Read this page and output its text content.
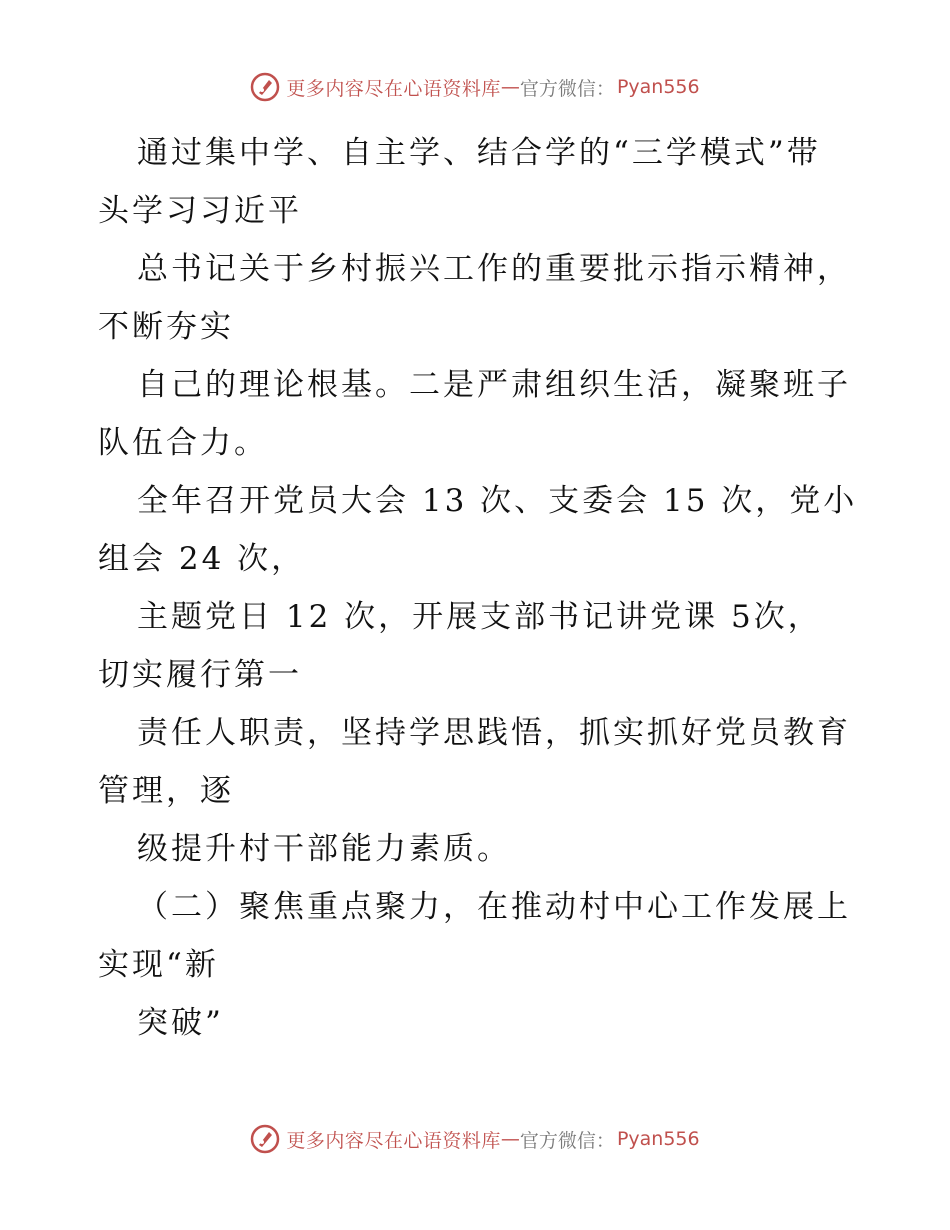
更多内容尽在心语资料库 — 官方微信： Pyan556
通过集中学、自主学、结合学的“三学模式”带
头学习习近平
总书记关于乡村振兴工作的重要批示指示精神，
不断夯实
自己的理论根基。二是严肃组织生活，凝聚班子
队伍合力。
全年召开党员大会 13 次、支委会 15 次，党小
组会 24 次，
主题党日 12 次，开展支部书记讲党课 5次，
切实履行第一
责任人职责，坚持学思践悟，抓实抓好党员教育
管理，逐
级提升村干部能力素质。
（二）聚焦重点聚力，在推动村中心工作发展上
实现“新
突破”
更多内容尽在心语资料库 — 官方微信： Pyan556
